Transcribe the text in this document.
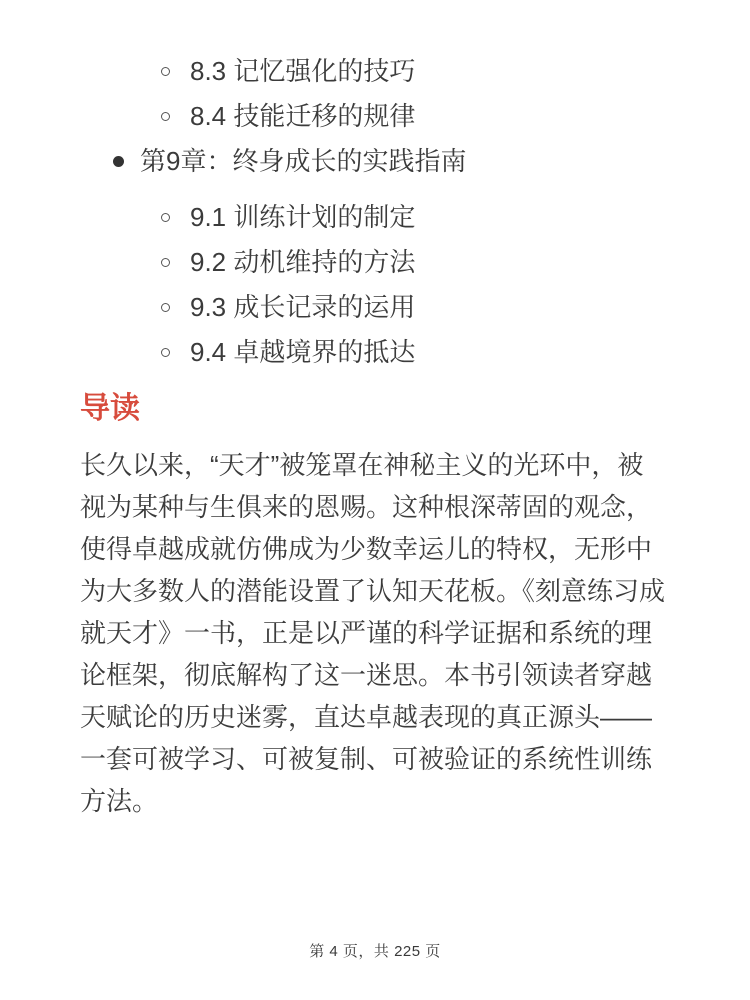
8.3 记忆强化的技巧
8.4 技能迁移的规律
第9章：终身成长的实践指南
9.1 训练计划的制定
9.2 动机维持的方法
9.3 成长记录的运用
9.4 卓越境界的抵达
导读

长久以来，“天才”被笼罩在神秘主义的光环中，被视为某种与生俱来的恩赐。这种根深蒂固的观念，使得卓越成就仿佛成为少数幸运儿的特权，无形中为大多数人的潜能设置了认知天花板。《刻意练习成就天才》一书，正是以严谨的科学证据和系统的理论框架，彻底解构了这一迷思。本书引领读者穿越天赋论的历史迷雾，直达卓越表现的真正源头——一套可被学习、可被复制、可被验证的系统性训练方法。

第 4 页，共 225 页
